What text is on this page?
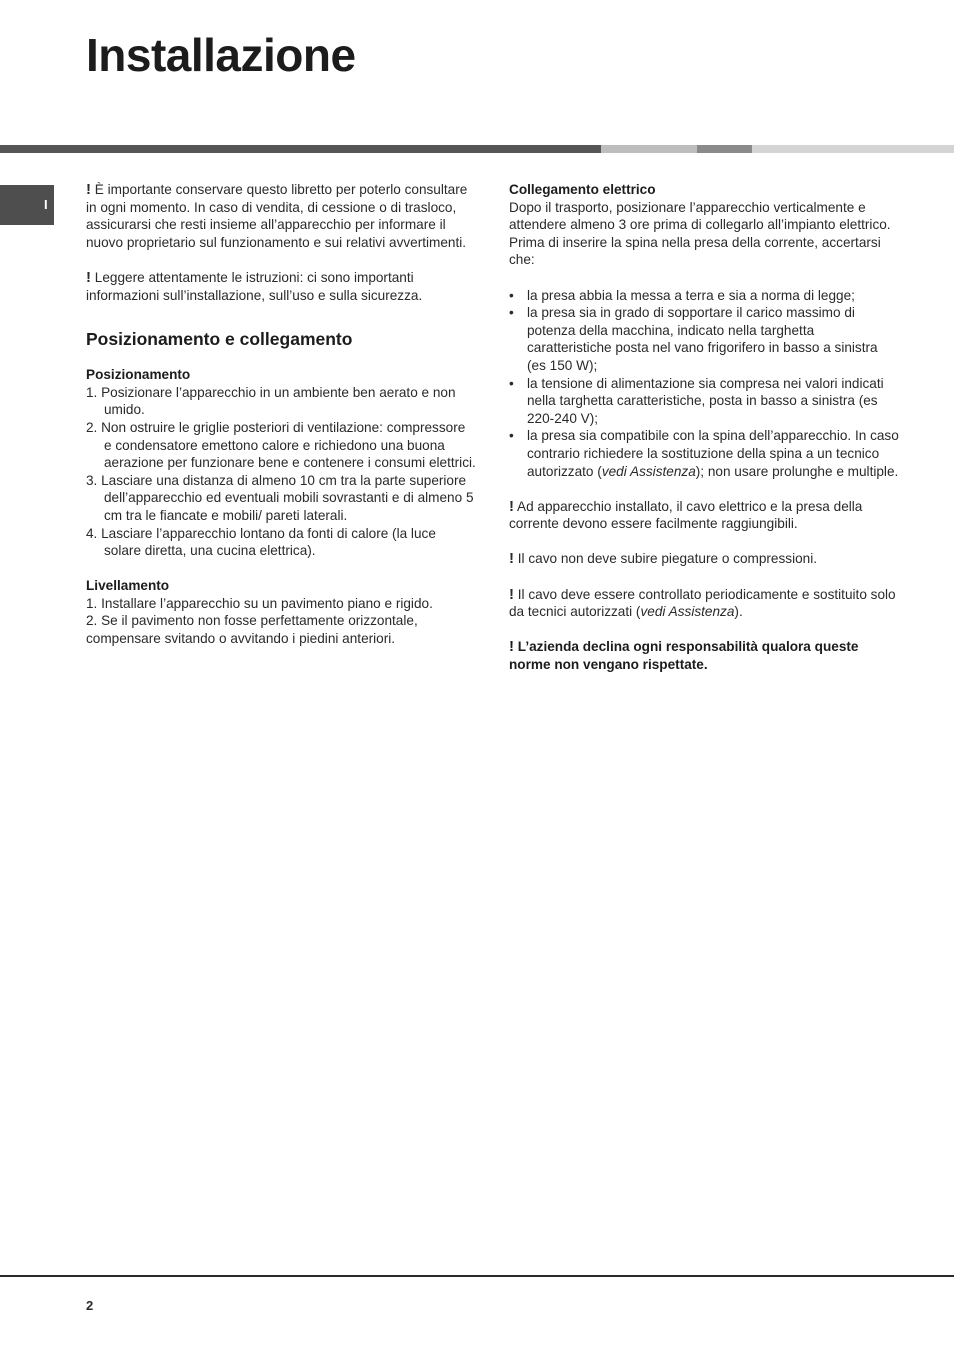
Installazione
I

! È importante conservare questo libretto per poterlo consultare in ogni momento. In caso di vendita, di cessione o di trasloco, assicurarsi che resti insieme all’apparecchio per informare il nuovo proprietario sul funzionamento e sui relativi avvertimenti.

! Leggere attentamente le istruzioni: ci sono importanti informazioni sull’installazione, sull’uso e sulla sicurezza.

Posizionamento e collegamento

Posizionamento

1. Posizionare l’apparecchio in un ambiente ben aerato e non umido.
2. Non ostruire le griglie posteriori di ventilazione: compressore e condensatore emettono calore e richiedono una buona aerazione per funzionare bene e contenere i consumi elettrici.
3. Lasciare una distanza di almeno 10 cm tra la parte superiore dell’apparecchio ed eventuali mobili sovrastanti e di almeno 5 cm tra le fiancate e mobili/ pareti laterali.
4. Lasciare l’apparecchio lontano da fonti di calore (la luce solare diretta, una cucina elettrica).

Livellamento

1. Installare l’apparecchio su un pavimento piano e rigido.

2. Se il pavimento non fosse perfettamente orizzontale, compensare svitando o avvitando i piedini anteriori.

Collegamento elettrico

Dopo il trasporto, posizionare l’apparecchio verticalmente e attendere almeno 3 ore prima di collegarlo all’impianto elettrico. Prima di inserire la spina nella presa della corrente, accertarsi che:

• la presa abbia la messa a terra e sia a norma di legge;
• la presa sia in grado di sopportare il carico massimo di potenza della macchina, indicato nella targhetta caratteristiche posta nel vano frigorifero in basso a sinistra (es 150 W);
• la tensione di alimentazione sia compresa nei valori indicati nella targhetta caratteristiche, posta in basso a sinistra (es 220-240 V);
• la presa sia compatibile con la spina dell’apparecchio. In caso contrario richiedere la sostituzione della spina a un tecnico autorizzato (vedi Assistenza); non usare prolunghe e multiple.

! Ad apparecchio installato, il cavo elettrico e la presa della corrente devono essere facilmente raggiungibili.

! Il cavo non deve subire piegature o compressioni.

! Il cavo deve essere controllato periodicamente e sostituito solo da tecnici autorizzati (vedi Assistenza).

! L’azienda declina ogni responsabilità qualora queste norme non vengano rispettate.

2
